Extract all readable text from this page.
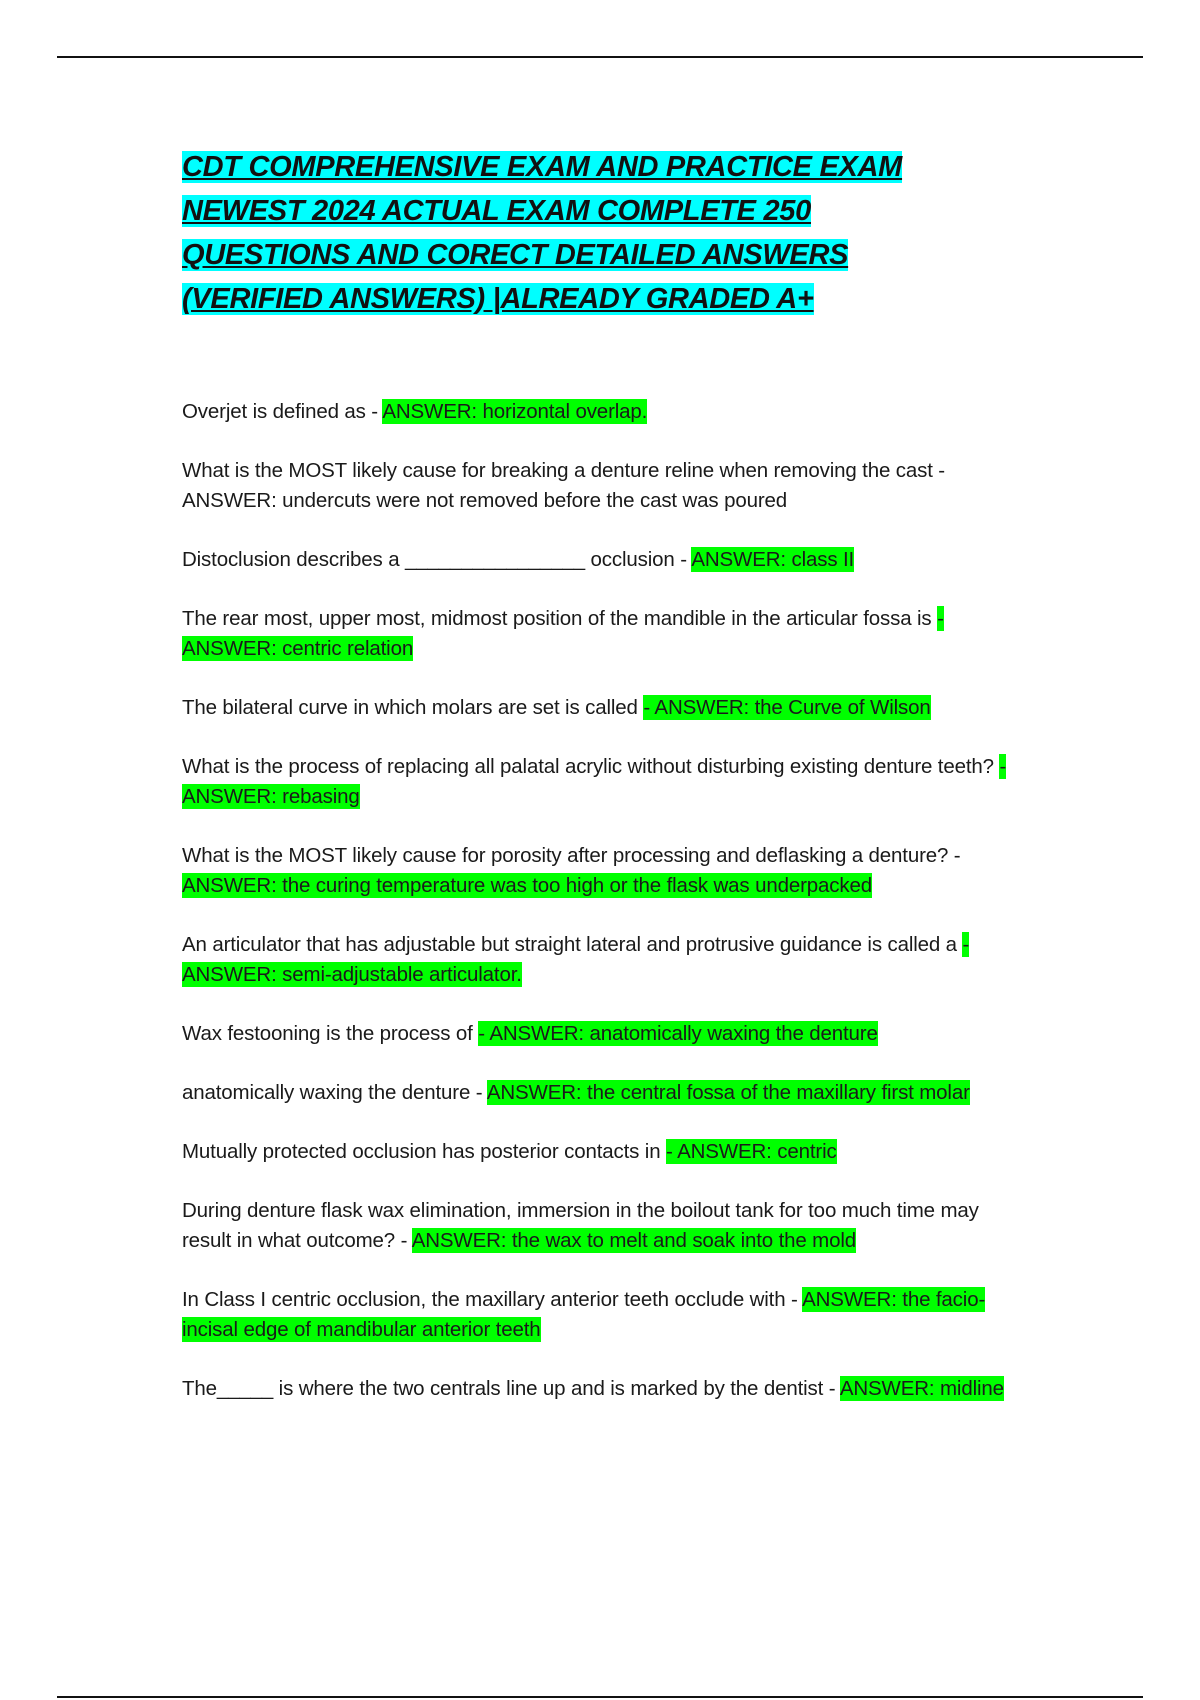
CDT COMPREHENSIVE EXAM AND PRACTICE EXAM
NEWEST 2024 ACTUAL EXAM COMPLETE 250
QUESTIONS AND CORECT DETAILED ANSWERS
(VERIFIED ANSWERS) |ALREADY GRADED A+
Overjet is defined as - ANSWER: horizontal overlap.
What is the MOST likely cause for breaking a denture reline when removing the cast - ANSWER: undercuts were not removed before the cast was poured
Distoclusion describes a ________________ occlusion - ANSWER: class II
The rear most, upper most, midmost position of the mandible in the articular fossa is - ANSWER: centric relation
The bilateral curve in which molars are set is called - ANSWER: the Curve of Wilson
What is the process of replacing all palatal acrylic without disturbing existing denture teeth? - ANSWER: rebasing
What is the MOST likely cause for porosity after processing and deflasking a denture? - ANSWER: the curing temperature was too high or the flask was underpacked
An articulator that has adjustable but straight lateral and protrusive guidance is called a - ANSWER: semi-adjustable articulator.
Wax festooning is the process of - ANSWER: anatomically waxing the denture
anatomically waxing the denture - ANSWER: the central fossa of the maxillary first molar
Mutually protected occlusion has posterior contacts in - ANSWER: centric
During denture flask wax elimination, immersion in the boilout tank for too much time may result in what outcome? - ANSWER: the wax to melt and soak into the mold
In Class I centric occlusion, the maxillary anterior teeth occlude with - ANSWER: the facio-incisal edge of mandibular anterior teeth
The_____ is where the two centrals line up and is marked by the dentist - ANSWER: midline
